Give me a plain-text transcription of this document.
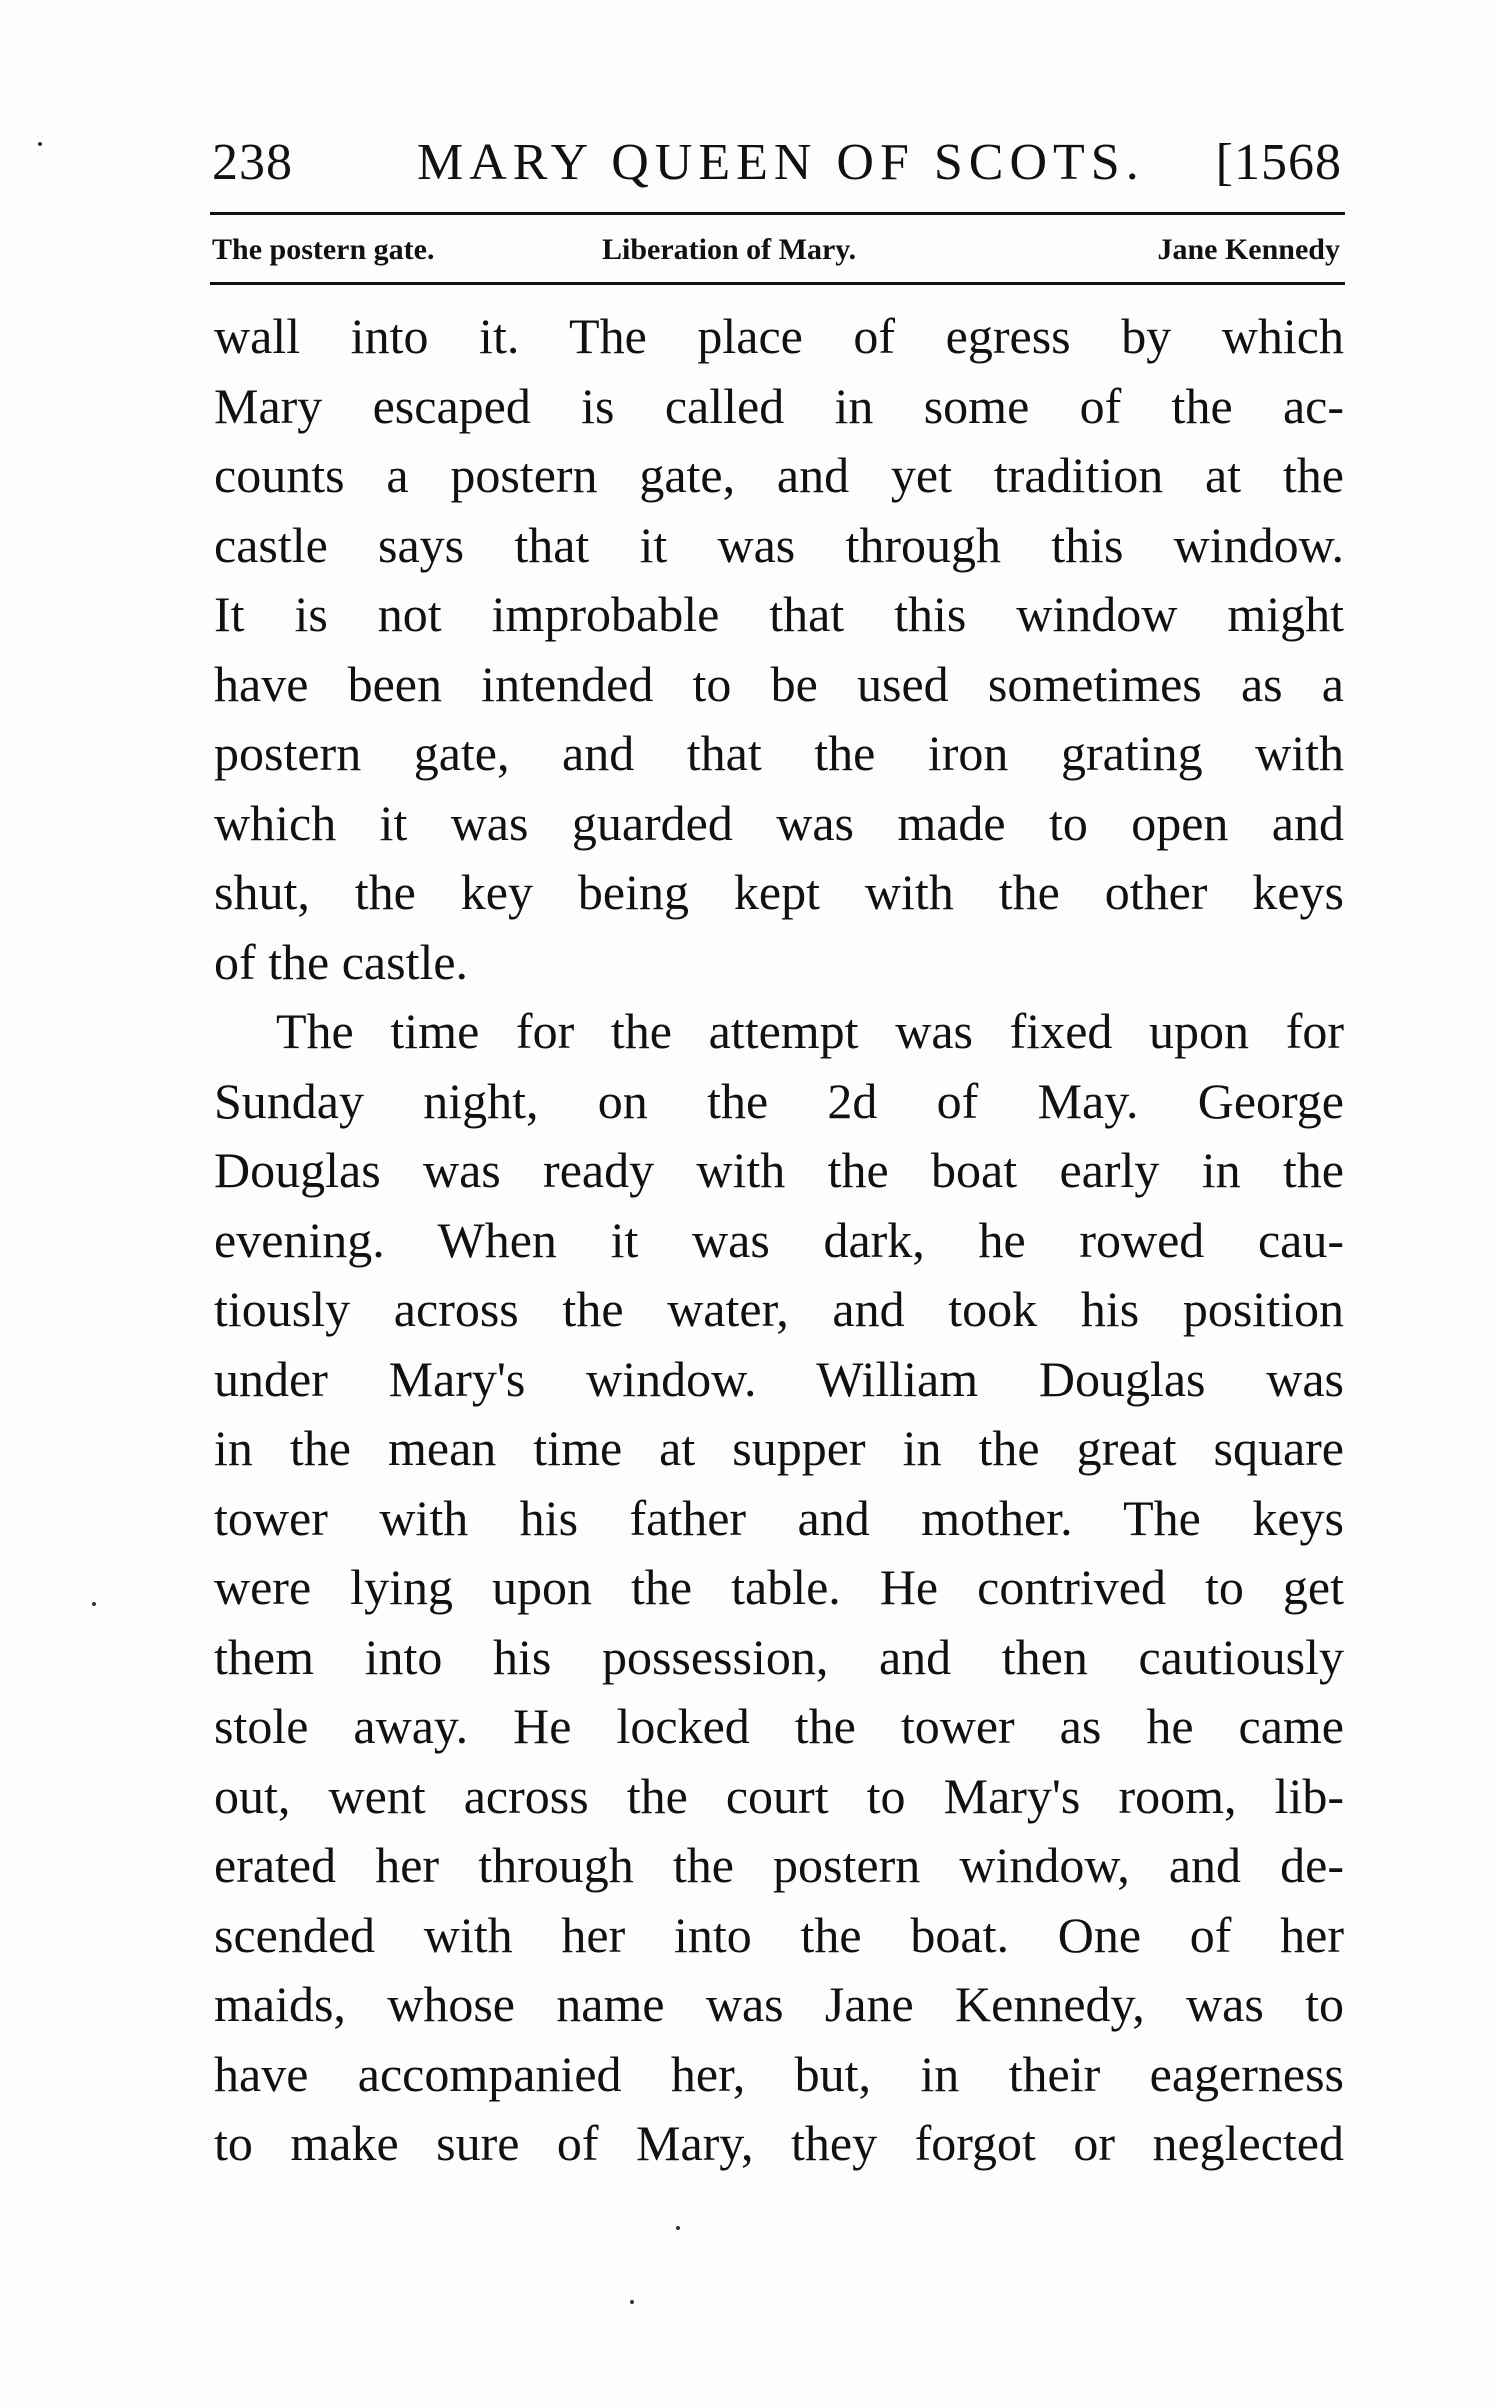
238 MARY QUEEN OF SCOTS. [1568
The postern gate.	Liberation of Mary.	Jane Kennedy
wall into it. The place of egress by which
Mary escaped is called in some of the ac-
counts a postern gate, and yet tradition at the
castle says that it was through this window.
It is not improbable that this window might
have been intended to be used sometimes as a
postern gate, and that the iron grating with
which it was guarded was made to open and
shut, the key being kept with the other keys
of the castle.
The time for the attempt was fixed upon for
Sunday night, on the 2d of May. George
Douglas was ready with the boat early in the
evening. When it was dark, he rowed cau-
tiously across the water, and took his position
under Mary's window. William Douglas was
in the mean time at supper in the great square
tower with his father and mother. The keys
were lying upon the table. He contrived to get
them into his possession, and then cautiously
stole away. He locked the tower as he came
out, went across the court to Mary's room, lib-
erated her through the postern window, and de-
scended with her into the boat. One of her
maids, whose name was Jane Kennedy, was to
have accompanied her, but, in their eagerness
to make sure of Mary, they forgot or neglected
